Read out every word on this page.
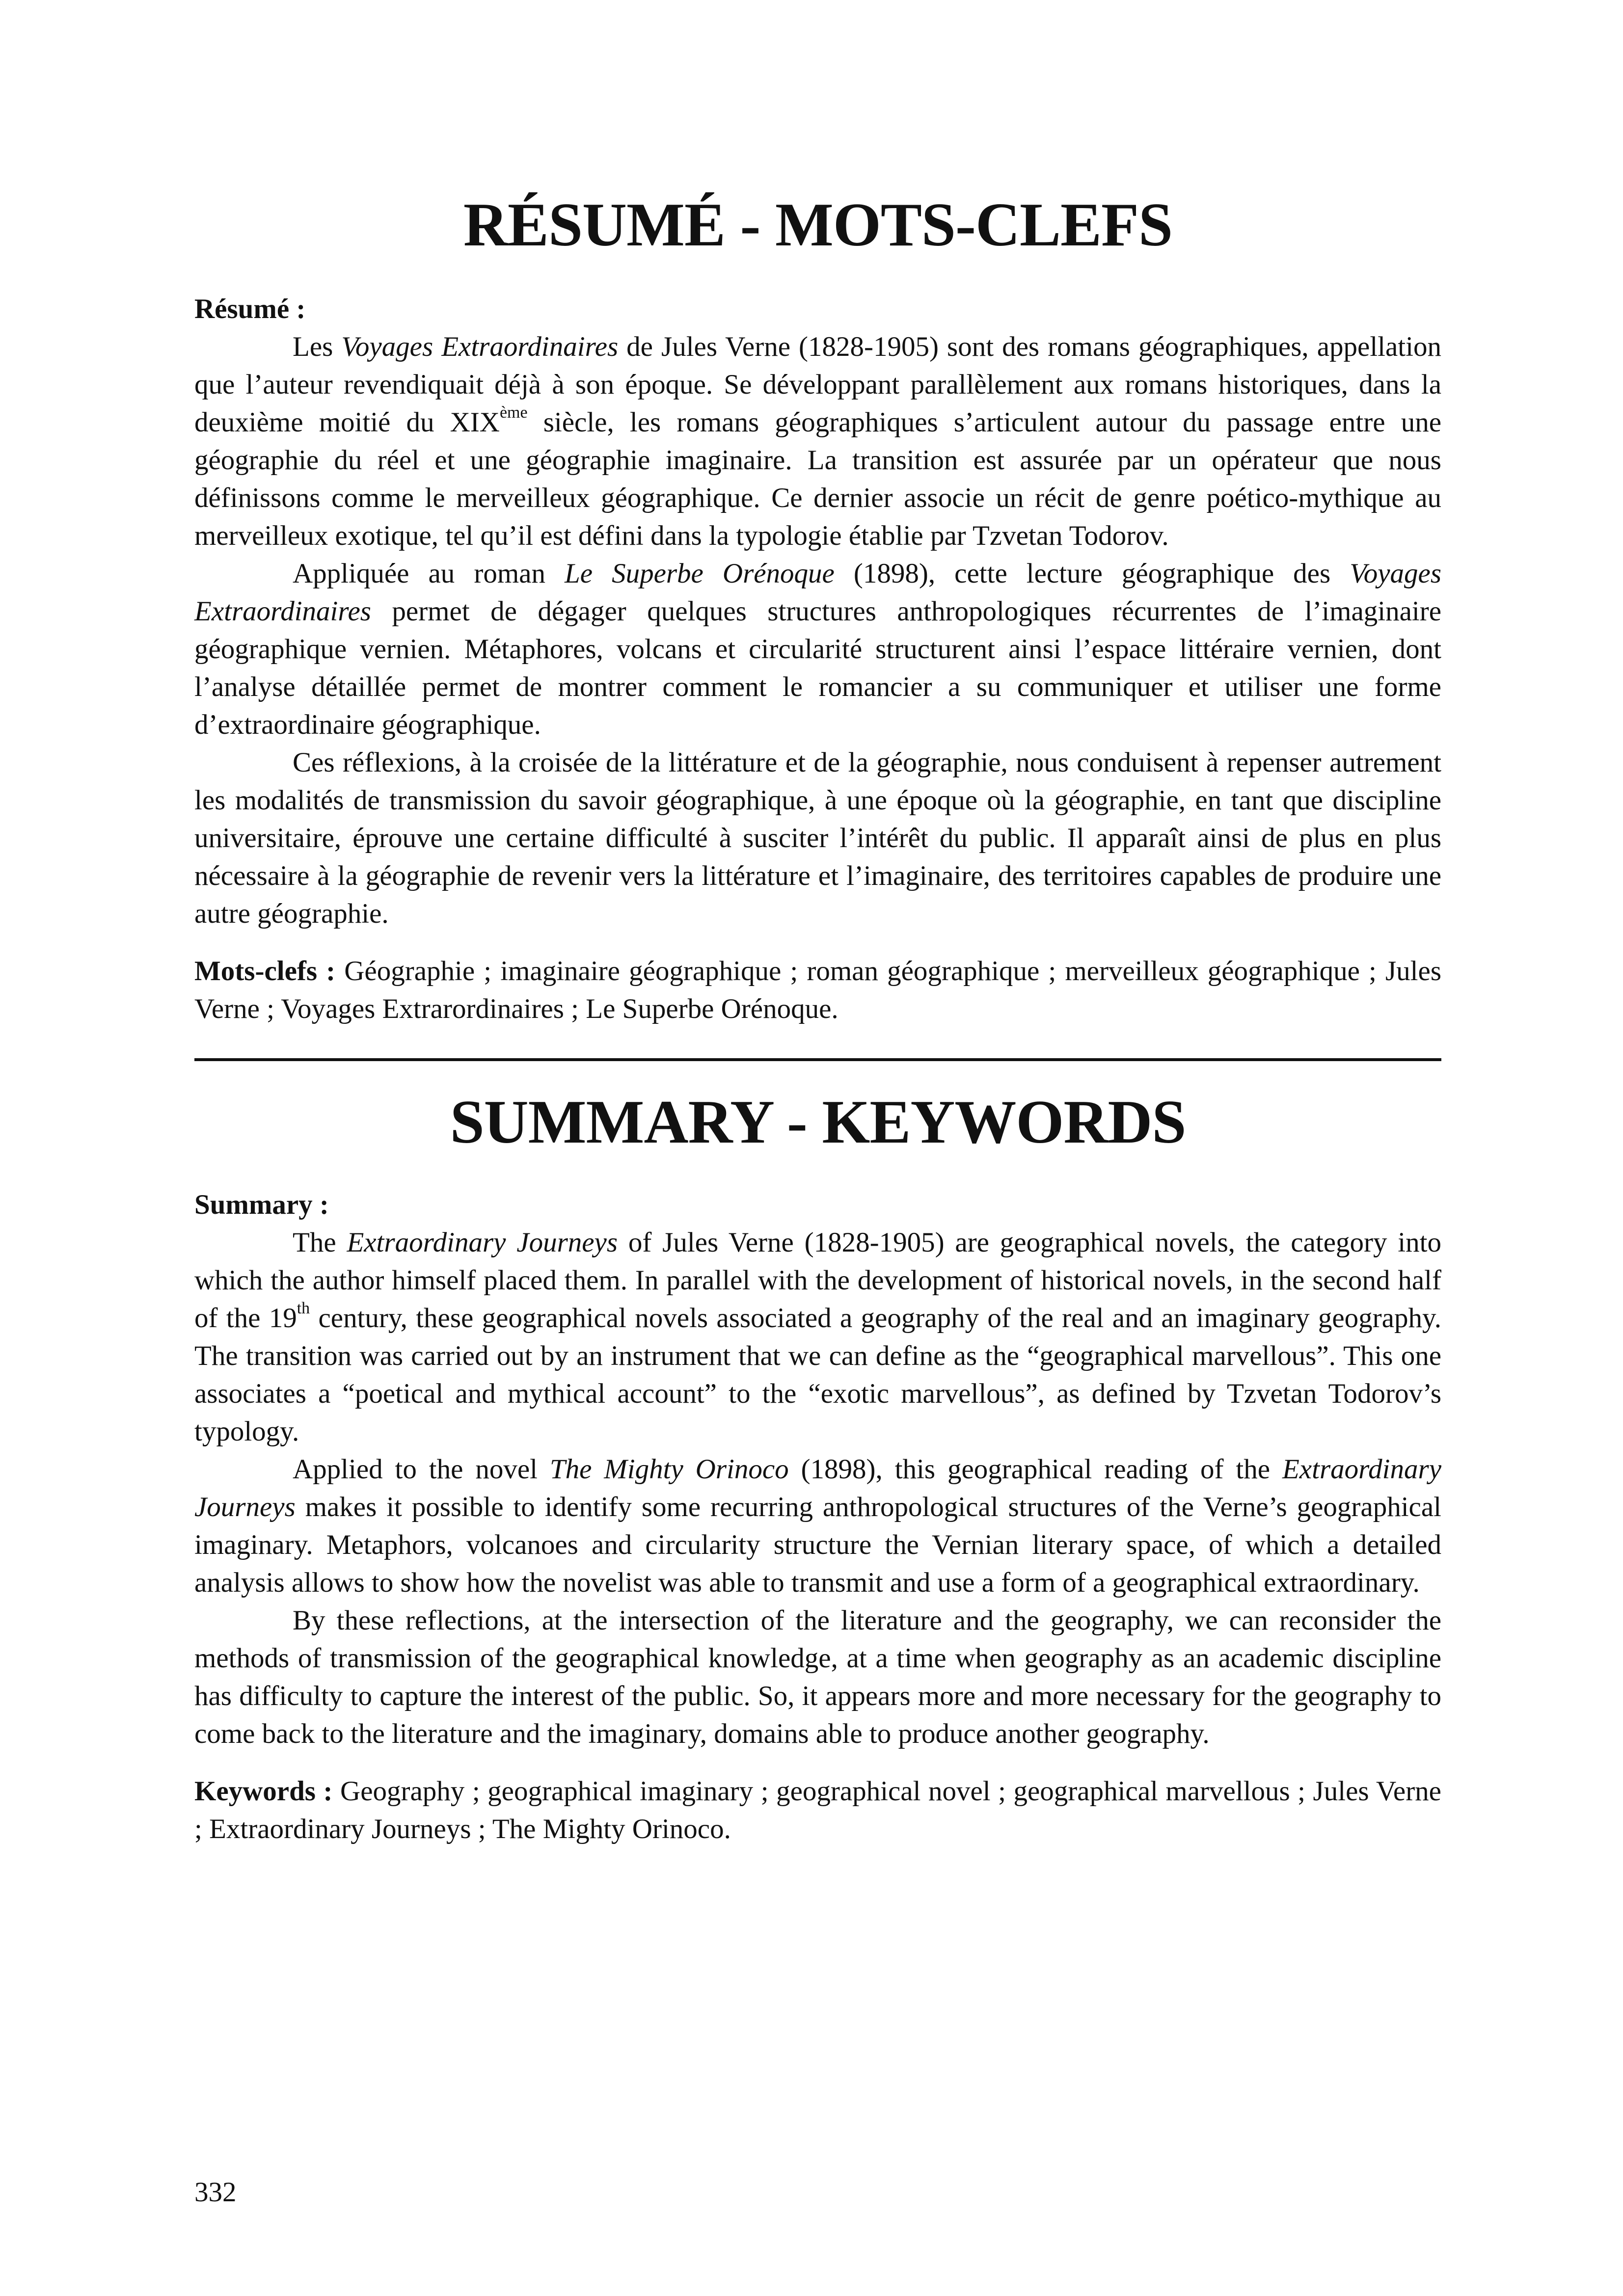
RÉSUMÉ - MOTS-CLEFS
Résumé :

Les Voyages Extraordinaires de Jules Verne (1828-1905) sont des romans géographiques, appellation que l’auteur revendiquait déjà à son époque. Se développant parallèlement aux romans historiques, dans la deuxième moitié du XIXème siècle, les romans géographiques s’articulent autour du passage entre une géographie du réel et une géographie imaginaire. La transition est assurée par un opérateur que nous définissons comme le merveilleux géographique. Ce dernier associe un récit de genre poético-mythique au merveilleux exotique, tel qu’il est défini dans la typologie établie par Tzvetan Todorov.

Appliquée au roman Le Superbe Orénoque (1898), cette lecture géographique des Voyages Extraordinaires permet de dégager quelques structures anthropologiques récurrentes de l’imaginaire géographique vernien. Métaphores, volcans et circularité structurent ainsi l’espace littéraire vernien, dont l’analyse détaillée permet de montrer comment le romancier a su communiquer et utiliser une forme d’extraordinaire géographique.

Ces réflexions, à la croisée de la littérature et de la géographie, nous conduisent à repenser autrement les modalités de transmission du savoir géographique, à une époque où la géographie, en tant que discipline universitaire, éprouve une certaine difficulté à susciter l’intérêt du public. Il apparaît ainsi de plus en plus nécessaire à la géographie de revenir vers la littérature et l’imaginaire, des territoires capables de produire une autre géographie.

Mots-clefs : Géographie ; imaginaire géographique ; roman géographique ; merveilleux géographique ; Jules Verne ; Voyages Extrarordinaires ; Le Superbe Orénoque.

SUMMARY - KEYWORDS
Summary :

The Extraordinary Journeys of Jules Verne (1828-1905) are geographical novels, the category into which the author himself placed them. In parallel with the development of historical novels, in the second half of the 19th century, these geographical novels associated a geography of the real and an imaginary geography. The transition was carried out by an instrument that we can define as the “geographical marvellous”. This one associates a “poetical and mythical account” to the “exotic marvellous”, as defined by Tzvetan Todorov’s typology.

Applied to the novel The Mighty Orinoco (1898), this geographical reading of the Extraordinary Journeys makes it possible to identify some recurring anthropological structures of the Verne’s geographical imaginary. Metaphors, volcanoes and circularity structure the Vernian literary space, of which a detailed analysis allows to show how the novelist was able to transmit and use a form of a geographical extraordinary.

By these reflections, at the intersection of the literature and the geography, we can reconsider the methods of transmission of the geographical knowledge, at a time when geography as an academic discipline has difficulty to capture the interest of the public. So, it appears more and more necessary for the geography to come back to the literature and the imaginary, domains able to produce another geography.

Keywords : Geography ; geographical imaginary ; geographical novel ; geographical marvellous ; Jules Verne ; Extraordinary Journeys ; The Mighty Orinoco.

332
